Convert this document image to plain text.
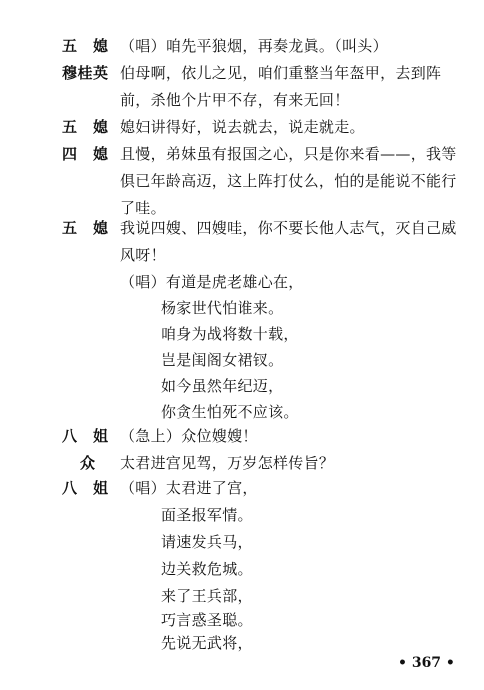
五　媳 （唱）咱先平狼烟，再奏龙眞。（叫头）
穆桂英 伯母啊，依儿之见，咱们重整当年盔甲，去到阵
前，杀他个片甲不存，有来无回！
五　媳 媳妇讲得好，说去就去，说走就走。
四　媳 且慢，弟妹虽有报国之心，只是你来看——，我等
俱已年龄高迈，这上阵打仗么，怕的是能说不能行
了哇。
五　媳 我说四嫂、四嫂哇，你不要长他人志气，灭自己威
风呀！
（唱）有道是虎老雄心在，
杨家世代怕谁来。
咱身为战将数十载，
岂是闺阁女裙钗。
如今虽然年纪迈，
你贪生怕死不应该。
八　姐 （急上）众位嫂嫂！
众 太君进宫见驾，万岁怎样传旨？
八　姐 （唱）太君进了宫，
面圣报军情。
请速发兵马，
边关救危城。
来了王兵部，
巧言惑圣聪。
先说无武将，
• 367 •
